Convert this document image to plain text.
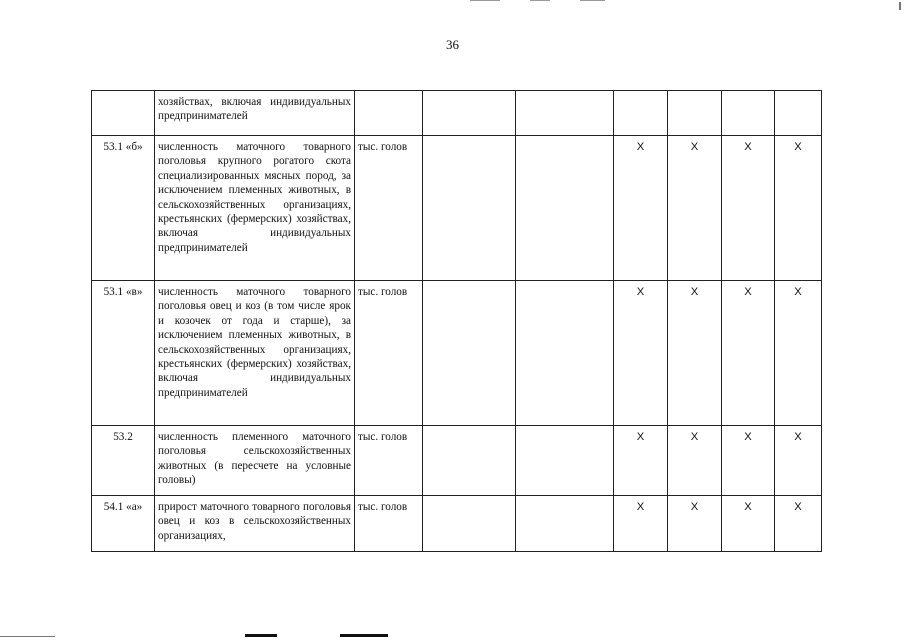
36
	хозяйствах, включая индивидуальных предпринимателей							
53.1 «б»	численность маточного товарного поголовья крупного рогатого скота специализированных мясных пород, за исключением племенных животных, в сельскохозяйственных организациях, крестьянских (фермерских) хозяйствах, включая индивидуальных предпринимателей	тыс. голов			Х	Х	Х	Х
53.1 «в»	численность маточного товарного поголовья овец и коз (в том числе ярок и козочек от года и старше), за исключением племенных животных, в сельскохозяйственных организациях, крестьянских (фермерских) хозяйствах, включая индивидуальных предпринимателей	тыс. голов			Х	Х	Х	Х
53.2	численность племенного маточного поголовья сельскохозяйственных животных (в пересчете на условные головы)	тыс. голов			Х	Х	Х	Х
54.1 «а»	прирост маточного товарного поголовья овец и коз в сельскохозяйственных организациях,	тыс. голов			Х	Х	Х	Х
